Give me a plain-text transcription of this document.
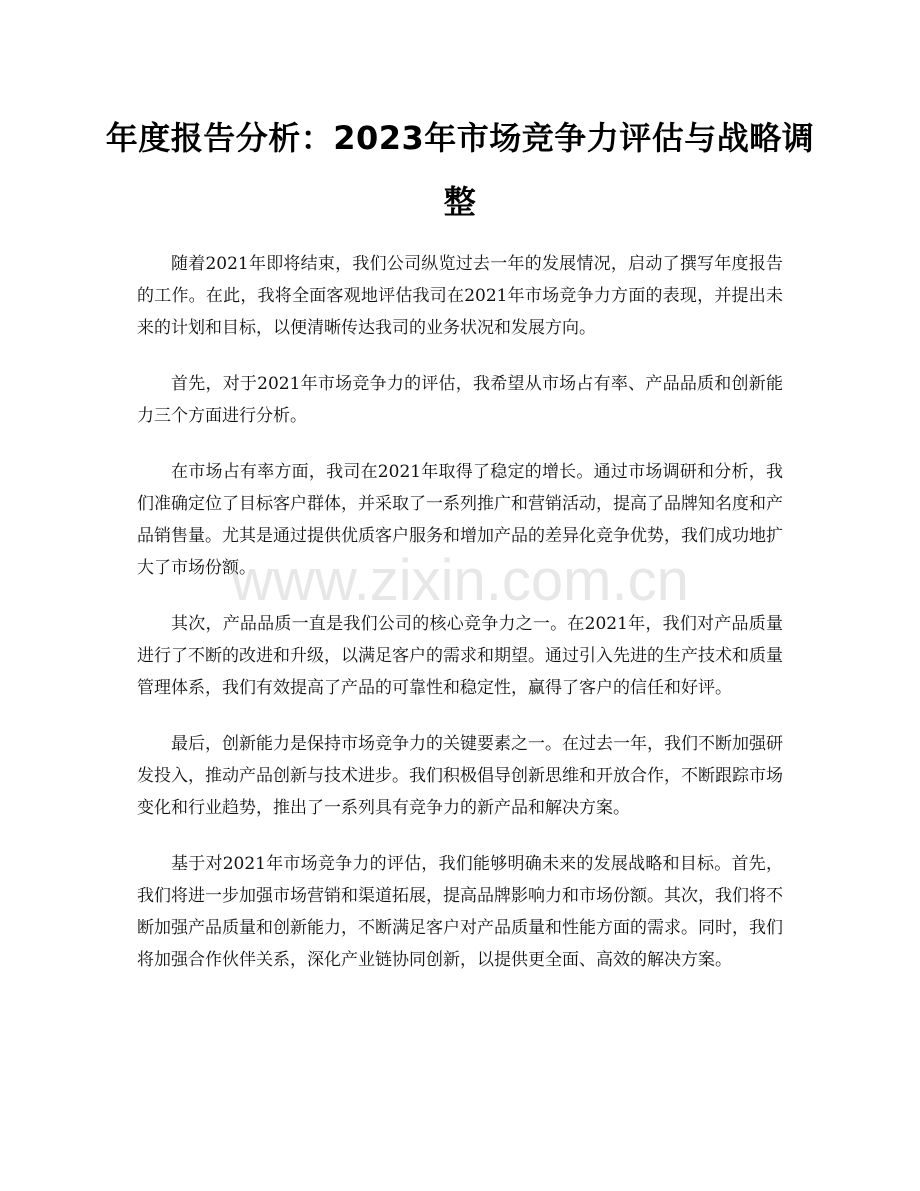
年度报告分析：2023年市场竞争力评估与战略调整

随着2021年即将结束，我们公司纵览过去一年的发展情况，启动了撰写年度报告的工作。在此，我将全面客观地评估我司在2021年市场竞争力方面的表现，并提出未来的计划和目标，以便清晰传达我司的业务状况和发展方向。

首先，对于2021年市场竞争力的评估，我希望从市场占有率、产品品质和创新能力三个方面进行分析。

在市场占有率方面，我司在2021年取得了稳定的增长。通过市场调研和分析，我们准确定位了目标客户群体，并采取了一系列推广和营销活动，提高了品牌知名度和产品销售量。尤其是通过提供优质客户服务和增加产品的差异化竞争优势，我们成功地扩大了市场份额。

其次，产品品质一直是我们公司的核心竞争力之一。在2021年，我们对产品质量进行了不断的改进和升级，以满足客户的需求和期望。通过引入先进的生产技术和质量管理体系，我们有效提高了产品的可靠性和稳定性，赢得了客户的信任和好评。

最后，创新能力是保持市场竞争力的关键要素之一。在过去一年，我们不断加强研发投入，推动产品创新与技术进步。我们积极倡导创新思维和开放合作，不断跟踪市场变化和行业趋势，推出了一系列具有竞争力的新产品和解决方案。

基于对2021年市场竞争力的评估，我们能够明确未来的发展战略和目标。首先，我们将进一步加强市场营销和渠道拓展，提高品牌影响力和市场份额。其次，我们将不断加强产品质量和创新能力，不断满足客户对产品质量和性能方面的需求。同时，我们将加强合作伙伴关系，深化产业链协同创新，以提供更全面、高效的解决方案。

www.zixin.com.cn
